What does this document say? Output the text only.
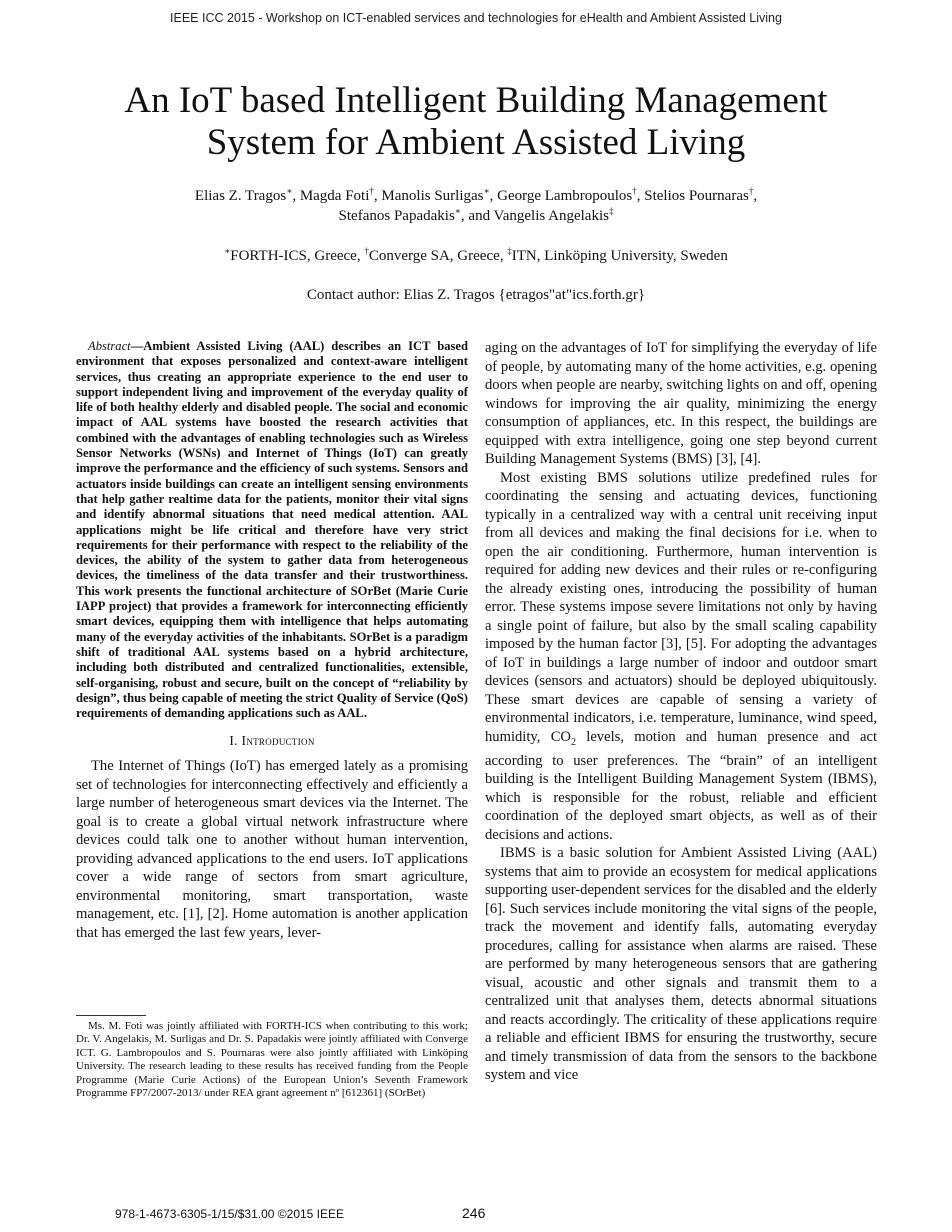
IEEE ICC 2015 - Workshop on ICT-enabled services and technologies for eHealth and Ambient Assisted Living
An IoT based Intelligent Building Management
System for Ambient Assisted Living
Elias Z. Tragos∗, Magda Foti†, Manolis Surligas∗, George Lambropoulos†, Stelios Pournaras†,
Stefanos Papadakis∗, and Vangelis Angelakis‡
∗FORTH-ICS, Greece, †Converge SA, Greece, ‡ITN, Linköping University, Sweden
Contact author: Elias Z. Tragos {etragos"at"ics.forth.gr}

Abstract—Ambient Assisted Living (AAL) describes an ICT based environment that exposes personalized and context-aware intelligent services, thus creating an appropriate experience to the end user to support independent living and improvement of the everyday quality of life of both healthy elderly and disabled people. The social and economic impact of AAL systems have boosted the research activities that combined with the advantages of enabling technologies such as Wireless Sensor Networks (WSNs) and Internet of Things (IoT) can greatly improve the performance and the efficiency of such systems. Sensors and actuators inside buildings can create an intelligent sensing environments that help gather realtime data for the patients, monitor their vital signs and identify abnormal situations that need medical attention. AAL applications might be life critical and therefore have very strict requirements for their performance with respect to the reliability of the devices, the ability of the system to gather data from heterogeneous devices, the timeliness of the data transfer and their trustworthiness. This work presents the functional architecture of SOrBet (Marie Curie IAPP project) that provides a framework for interconnecting efficiently smart devices, equipping them with intelligence that helps automating many of the everyday activities of the inhabitants. SOrBet is a paradigm shift of traditional AAL systems based on a hybrid architecture, including both distributed and centralized functionalities, extensible, self-organising, robust and secure, built on the concept of “reliability by design”, thus being capable of meeting the strict Quality of Service (QoS) requirements of demanding applications such as AAL.

I. Introduction

The Internet of Things (IoT) has emerged lately as a promising set of technologies for interconnecting effectively and efficiently a large number of heterogeneous smart devices via the Internet. The goal is to create a global virtual network infrastructure where devices could talk one to another without human intervention, providing advanced applications to the end users. IoT applications cover a wide range of sectors from smart agriculture, environmental monitoring, smart transportation, waste management, etc. [1], [2]. Home automation is another application that has emerged the last few years, lever-

Ms. M. Foti was jointly affiliated with FORTH-ICS when contributing to this work; Dr. V. Angelakis, M. Surligas and Dr. S. Papadakis were jointly affiliated with Converge ICT. G. Lambropoulos and S. Pournaras were also jointly affiliated with Linköping University. The research leading to these results has received funding from the People Programme (Marie Curie Actions) of the European Union’s Seventh Framework Programme FP7/2007-2013/ under REA grant agreement nº [612361] (SOrBet)

aging on the advantages of IoT for simplifying the everyday of life of people, by automating many of the home activities, e.g. opening doors when people are nearby, switching lights on and off, opening windows for improving the air quality, minimizing the energy consumption of appliances, etc. In this respect, the buildings are equipped with extra intelligence, going one step beyond current Building Management Systems (BMS) [3], [4].

Most existing BMS solutions utilize predefined rules for coordinating the sensing and actuating devices, functioning typically in a centralized way with a central unit receiving input from all devices and making the final decisions for i.e. when to open the air conditioning. Furthermore, human intervention is required for adding new devices and their rules or re-configuring the already existing ones, introducing the possibility of human error. These systems impose severe limitations not only by having a single point of failure, but also by the small scaling capability imposed by the human factor [3], [5]. For adopting the advantages of IoT in buildings a large number of indoor and outdoor smart devices (sensors and actuators) should be deployed ubiquitously. These smart devices are capable of sensing a variety of environmental indicators, i.e. temperature, luminance, wind speed, humidity, $CO_2$ levels, motion and human presence and act according to user preferences. The “brain” of an intelligent building is the Intelligent Building Management System (IBMS), which is responsible for the robust, reliable and efficient coordination of the deployed smart objects, as well as of their decisions and actions.

IBMS is a basic solution for Ambient Assisted Living (AAL) systems that aim to provide an ecosystem for medical applications supporting user-dependent services for the disabled and the elderly [6]. Such services include monitoring the vital signs of the people, track the movement and identify falls, automating everyday procedures, calling for assistance when alarms are raised. These are performed by many heterogeneous sensors that are gathering visual, acoustic and other signals and transmit them to a centralized unit that analyses them, detects abnormal situations and reacts accordingly. The criticality of these applications require a reliable and efficient IBMS for ensuring the trustworthy, secure and timely transmission of data from the sensors to the backbone system and vice

978-1-4673-6305-1/15/$31.00 ©2015 IEEE	246
